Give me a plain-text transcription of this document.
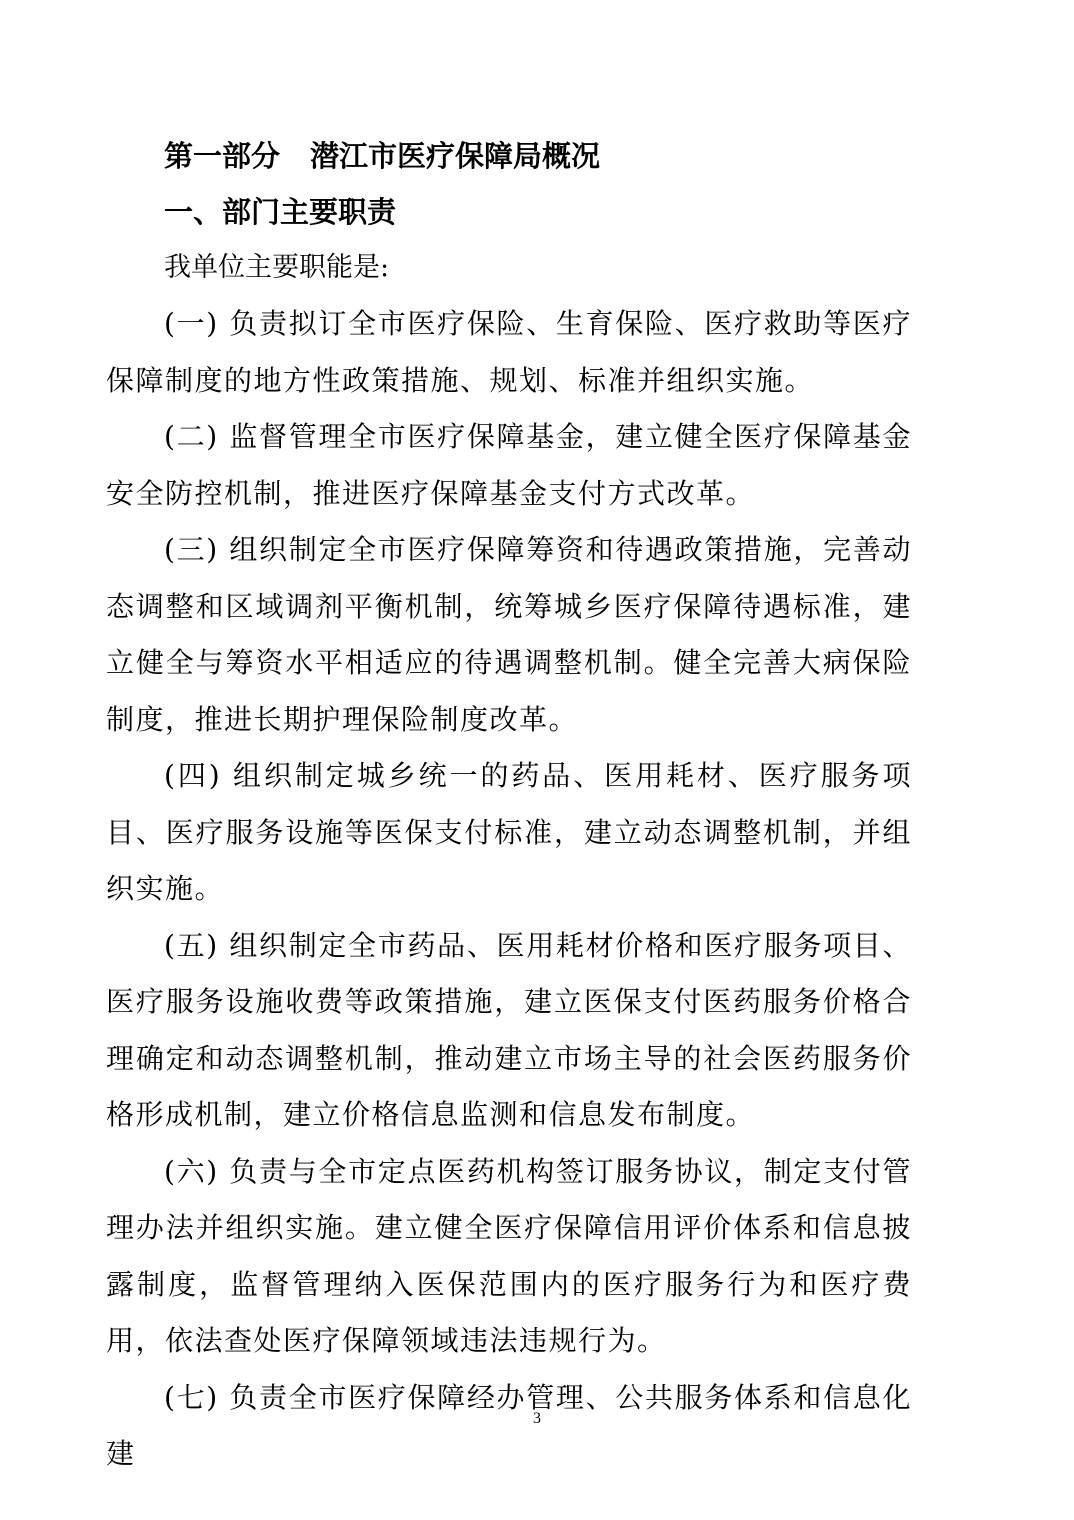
第一部分 潜江市医疗保障局概况
一、部门主要职责

我单位主要职能是:

(一) 负责拟订全市医疗保险、生育保险、医疗救助等医疗保障制度的地方性政策措施、规划、标准并组织实施。

(二) 监督管理全市医疗保障基金，建立健全医疗保障基金安全防控机制，推进医疗保障基金支付方式改革。

(三) 组织制定全市医疗保障筹资和待遇政策措施，完善动态调整和区域调剂平衡机制，统筹城乡医疗保障待遇标准，建立健全与筹资水平相适应的待遇调整机制。健全完善大病保险制度，推进长期护理保险制度改革。

(四) 组织制定城乡统一的药品、医用耗材、医疗服务项目、医疗服务设施等医保支付标准，建立动态调整机制，并组织实施。

(五) 组织制定全市药品、医用耗材价格和医疗服务项目、医疗服务设施收费等政策措施，建立医保支付医药服务价格合理确定和动态调整机制，推动建立市场主导的社会医药服务价格形成机制，建立价格信息监测和信息发布制度。

(六) 负责与全市定点医药机构签订服务协议，制定支付管理办法并组织实施。建立健全医疗保障信用评价体系和信息披露制度，监督管理纳入医保范围内的医疗服务行为和医疗费用，依法查处医疗保障领域违法违规行为。

(七) 负责全市医疗保障经办管理、公共服务体系和信息化建

3
